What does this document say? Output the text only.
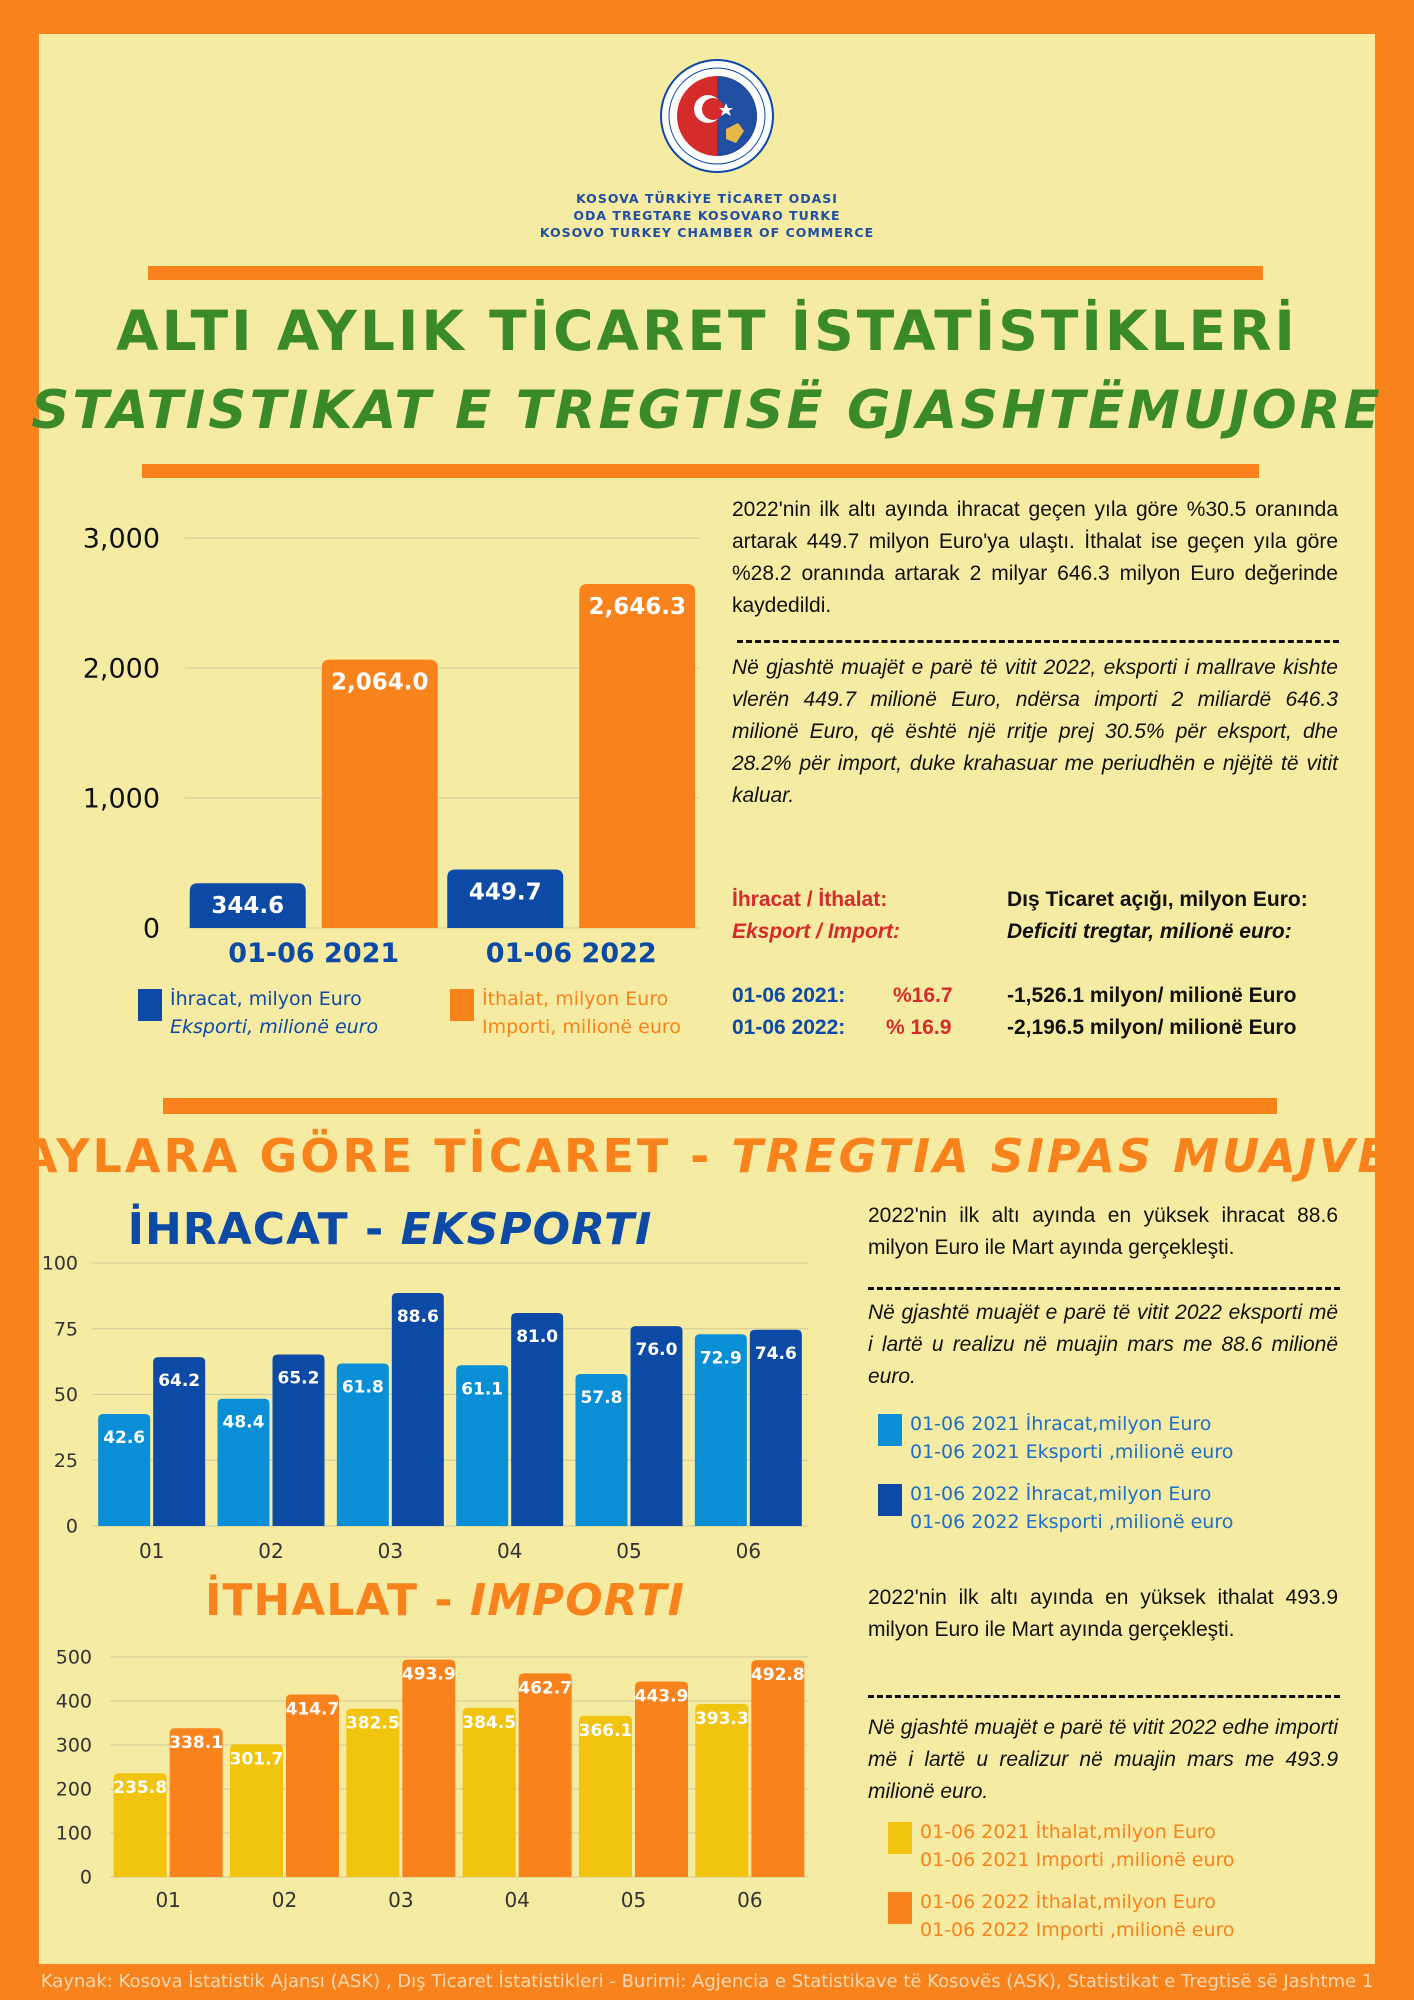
KOSOVA TÜRKİYE TİCARET ODASI
ODA TREGTARE KOSOVARO TURKE
KOSOVO TURKEY CHAMBER OF COMMERCE
ALTI AYLIK TİCARET İSTATİSTİKLERİ
STATISTIKAT E TREGTISË GJASHTËMUJORE
0
1,000
2,000
3,000
344.6
2,064.0
01-06 2021
449.7
2,646.3
01-06 2022
İhracat, milyon Euro
Eksporti, milionë euro
İthalat, milyon Euro
Importi, milionë euro
2022'nin ilk altı ayında ihracat geçen yıla göre %30.5 oranında artarak 449.7 milyon Euro'ya ulaştı. İthalat ise geçen yıla göre %28.2 oranında artarak 2 milyar 646.3 milyon Euro değerinde kaydedildi.
Në gjashtë muajët e parë të vitit 2022, eksporti i mallrave kishte vlerën 449.7 milionë Euro, ndërsa importi 2 miliardë 646.3 milionë Euro, që është një rritje prej 30.5% për eksport, dhe 28.2% për import, duke krahasuar me periudhën e njëjtë të vitit kaluar.
İhracat / İthalat:
Eksport / Import:
Dış Ticaret açığı, milyon Euro:
Deficiti tregtar, milionë euro:
01-06 2021: %16.7	-1,526.1 milyon/ milionë Euro
01-06 2022: % 16.9	-2,196.5 milyon/ milionë Euro
AYLARA GÖRE TİCARET - TREGTIA SIPAS MUAJVE
İHRACAT - EKSPORTI
0
25
50
75
100
42.6
64.2
01
48.4
65.2
02
61.8
88.6
03
61.1
81.0
04
57.8
76.0
05
72.9 74.6
06
İTHALAT - IMPORTI
0
100
200
300
400
500
235.8
338.1
01
301.7
414.7
02
382.5
493.9
03
384.5
462.7
04
366.1
443.9
05
393.3
492.8
06
2022'nin ilk altı ayında en yüksek ihracat 88.6 milyon Euro ile Mart ayında gerçekleşti.
Në gjashtë muajët e parë të vitit 2022 eksporti më i lartë u realizu në muajin mars me 88.6 milionë euro.
01-06 2021 İhracat,milyon Euro
01-06 2021 Eksporti ,milionë euro
01-06 2022 İhracat,milyon Euro
01-06 2022 Eksporti ,milionë euro
2022'nin ilk altı ayında en yüksek ithalat 493.9 milyon Euro ile Mart ayında gerçekleşti.
Në gjashtë muajët e parë të vitit 2022 edhe importi më i lartë u realizur në muajin mars me 493.9 milionë euro.
01-06 2021 İthalat,milyon Euro
01-06 2021 Importi ,milionë euro
01-06 2022 İthalat,milyon Euro
01-06 2022 Importi ,milionë euro
Kaynak: Kosova İstatistik Ajansı (ASK) , Dış Ticaret İstatistikleri - Burimi: Agjencia e Statistikave të Kosovës (ASK), Statistikat e Tregtisë së Jashtme 1
